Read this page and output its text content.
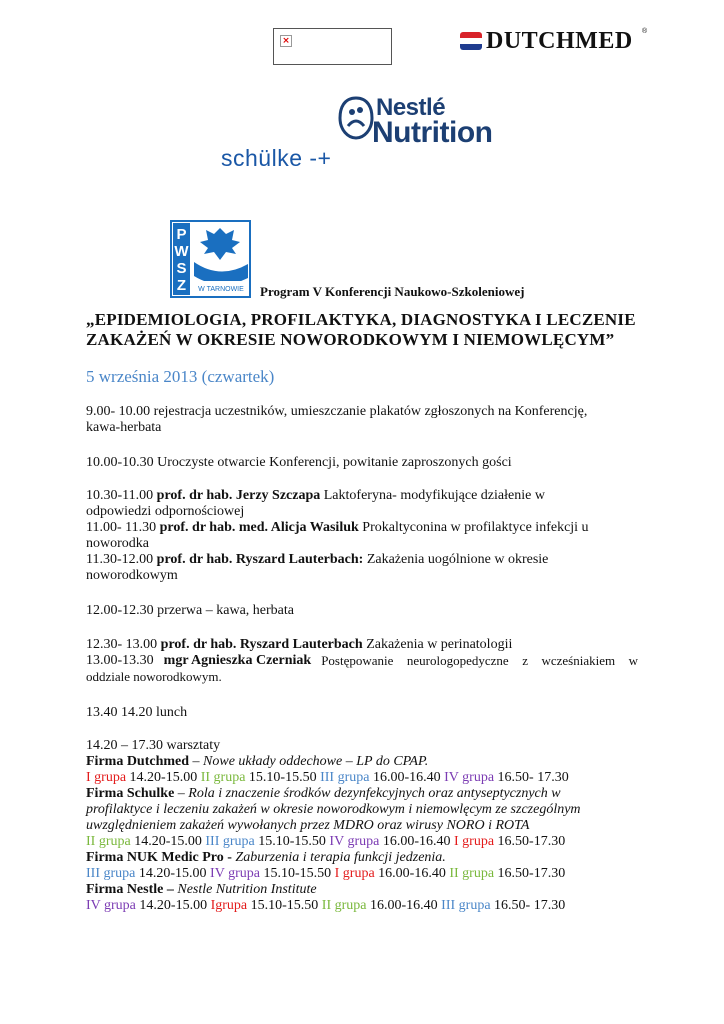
×	DUTCHMED ®
Nestlé
Nutrition
schülke -+
P
W
S
Z W TARNOWIE Program V Konferencji Naukowo-Szkoleniowej
„EPIDEMIOLOGIA, PROFILAKTYKA, DIAGNOSTYKA I LECZENIE ZAKAŻEŃ W OKRESIE NOWORODKOWYM I NIEMOWLĘCYM”
5 września 2013 (czwartek)
9.00- 10.00 rejestracja uczestników, umieszczanie plakatów zgłoszonych na Konferencję,
kawa-herbata
10.00-10.30 Uroczyste otwarcie Konferencji, powitanie zaproszonych gości
10.30-11.00 prof. dr hab. Jerzy Szczapa Laktoferyna- modyfikujące działenie w
odpowiedzi odpornościowej
11.00- 11.30 prof. dr hab. med. Alicja Wasiluk Prokaltyconina w profilaktyce infekcji u
noworodka
11.30-12.00 prof. dr hab. Ryszard Lauterbach: Zakażenia uogólnione w okresie
noworodkowym
12.00-12.30 przerwa – kawa, herbata
12.30- 13.00 prof. dr hab. Ryszard Lauterbach Zakażenia w perinatologii
13.00-13.30 mgr Agnieszka Czerniak Postępowanie neurologopedyczne z wcześniakiem w
oddziale noworodkowym.
13.40 14.20 lunch
14.20 – 17.30 warsztaty
Firma Dutchmed – Nowe układy oddechowe – LP do CPAP.
I grupa 14.20-15.00 II grupa 15.10-15.50 III grupa 16.00-16.40 IV grupa 16.50- 17.30
Firma Schulke – Rola i znaczenie środków dezynfekcyjnych oraz antyseptycznych w
profilaktyce i leczeniu zakażeń w okresie noworodkowym i niemowlęcym ze szczególnym
uwzględnieniem zakażeń wywołanych przez MDRO oraz wirusy NORO i ROTA
II grupa 14.20-15.00 III grupa 15.10-15.50 IV grupa 16.00-16.40 I grupa 16.50-17.30
Firma NUK Medic Pro - Zaburzenia i terapia funkcji jedzenia.
III grupa 14.20-15.00 IV grupa 15.10-15.50 I grupa 16.00-16.40 II grupa 16.50-17.30
Firma Nestle – Nestle Nutrition Institute
IV grupa 14.20-15.00 Igrupa 15.10-15.50 II grupa 16.00-16.40 III grupa 16.50- 17.30
